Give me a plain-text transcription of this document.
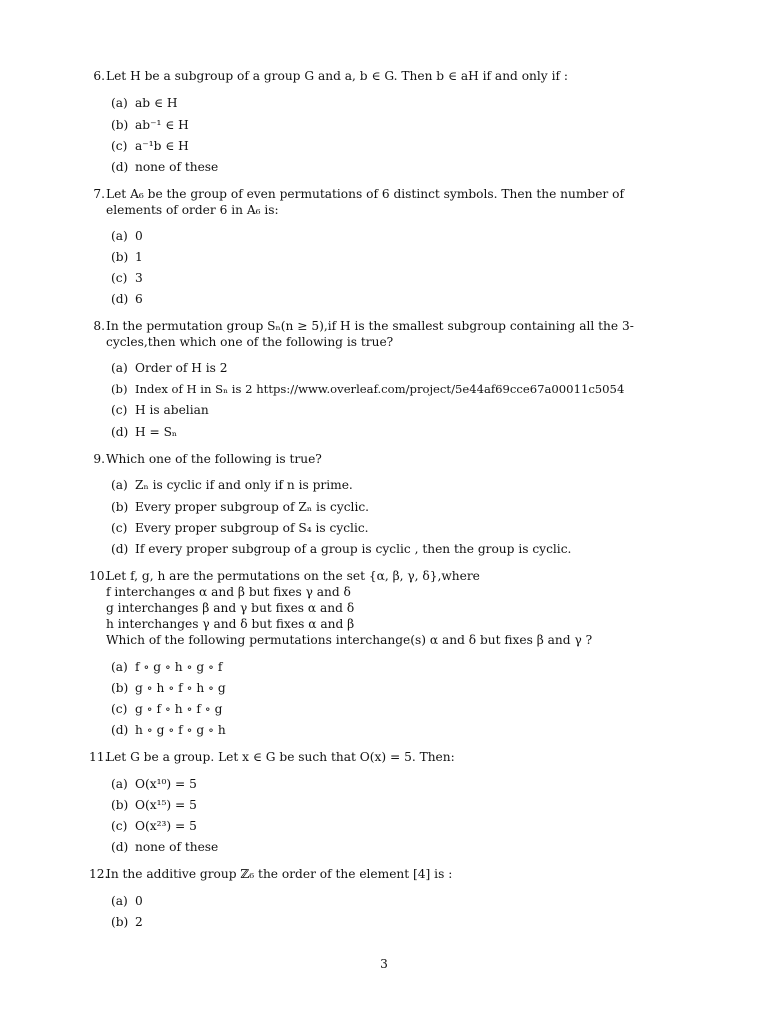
6. Let H be a subgroup of a group G and a, b ∈ G. Then b ∈ aH if and only if :
(a) ab ∈ H
(b) ab⁻¹ ∈ H
(c) a⁻¹b ∈ H
(d) none of these
7. Let A₆ be the group of even permutations of 6 distinct symbols. Then the number of elements of order 6 in A₆ is:
(a) 0
(b) 1
(c) 3
(d) 6
8. In the permutation group Sₙ(n ≥ 5),if H is the smallest subgroup containing all the 3-cycles,then which one of the following is true?
(a) Order of H is 2
(b) Index of H in Sₙ is 2 https://www.overleaf.com/project/5e44af69cce67a00011c5054
(c) H is abelian
(d) H = Sₙ
9. Which one of the following is true?
(a) Zₙ is cyclic if and only if n is prime.
(b) Every proper subgroup of Zₙ is cyclic.
(c) Every proper subgroup of S₄ is cyclic.
(d) If every proper subgroup of a group is cyclic , then the group is cyclic.
10.
Let f, g, h are the permutations on the set {α, β, γ, δ},where
f interchanges α and β but fixes γ and δ
g interchanges β and γ but fixes α and δ
h interchanges γ and δ but fixes α and β
Which of the following permutations interchange(s) α and δ but fixes β and γ ?
(a) f ∘ g ∘ h ∘ g ∘ f
(b) g ∘ h ∘ f ∘ h ∘ g
(c) g ∘ f ∘ h ∘ f ∘ g
(d) h ∘ g ∘ f ∘ g ∘ h
11.
Let G be a group. Let x ∈ G be such that O(x) = 5. Then:
(a) O(x¹⁰) = 5
(b) O(x¹⁵) = 5
(c) O(x²³) = 5
(d) none of these
12.
In the additive group ℤ₆ the order of the element [4] is :
(a) 0
(b) 2
3
